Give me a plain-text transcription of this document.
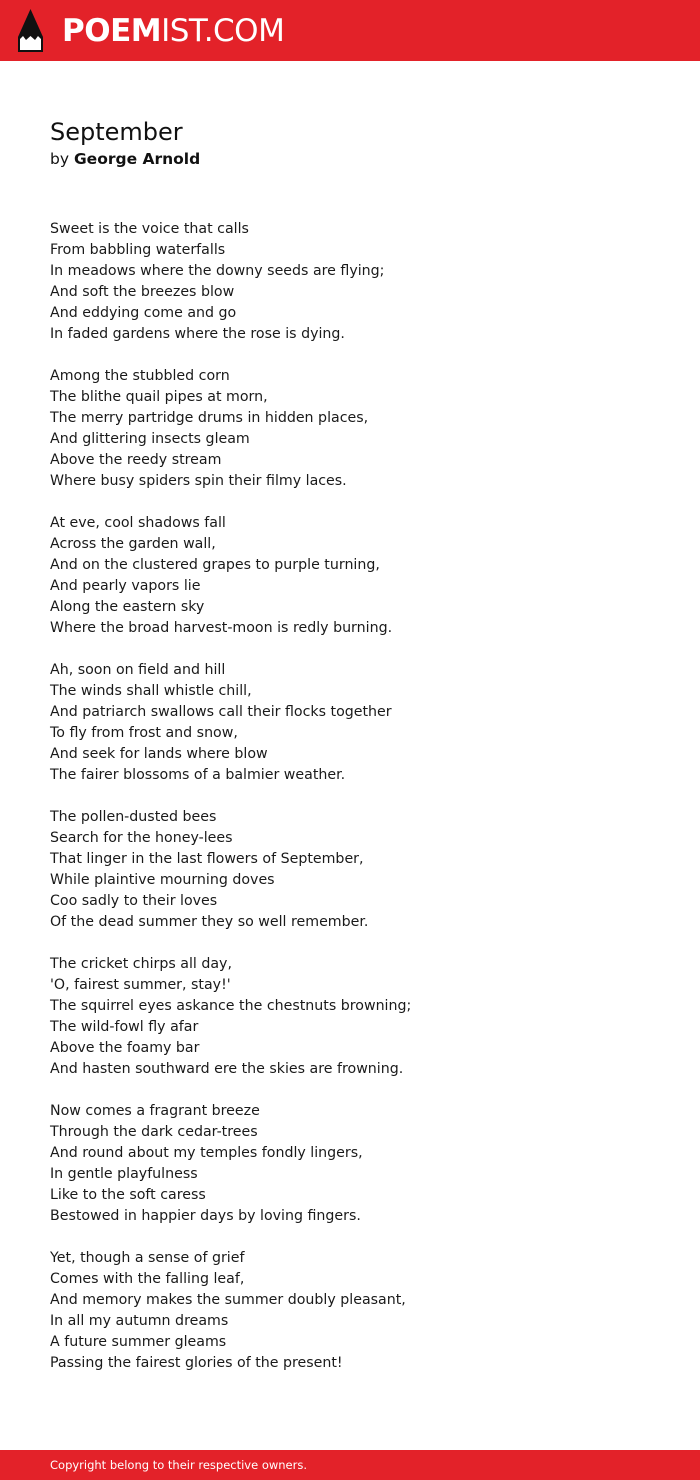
POEMIST.COM
September
by George Arnold
Sweet is the voice that calls
From babbling waterfalls
In meadows where the downy seeds are flying;
And soft the breezes blow
And eddying come and go
In faded gardens where the rose is dying.
Among the stubbled corn
The blithe quail pipes at morn,
The merry partridge drums in hidden places,
And glittering insects gleam
Above the reedy stream
Where busy spiders spin their filmy laces.
At eve, cool shadows fall
Across the garden wall,
And on the clustered grapes to purple turning,
And pearly vapors lie
Along the eastern sky
Where the broad harvest-moon is redly burning.
Ah, soon on field and hill
The winds shall whistle chill,
And patriarch swallows call their flocks together
To fly from frost and snow,
And seek for lands where blow
The fairer blossoms of a balmier weather.
The pollen-dusted bees
Search for the honey-lees
That linger in the last flowers of September,
While plaintive mourning doves
Coo sadly to their loves
Of the dead summer they so well remember.
The cricket chirps all day,
'O, fairest summer, stay!'
The squirrel eyes askance the chestnuts browning;
The wild-fowl fly afar
Above the foamy bar
And hasten southward ere the skies are frowning.
Now comes a fragrant breeze
Through the dark cedar-trees
And round about my temples fondly lingers,
In gentle playfulness
Like to the soft caress
Bestowed in happier days by loving fingers.
Yet, though a sense of grief
Comes with the falling leaf,
And memory makes the summer doubly pleasant,
In all my autumn dreams
A future summer gleams
Passing the fairest glories of the present!
Copyright belong to their respective owners.
